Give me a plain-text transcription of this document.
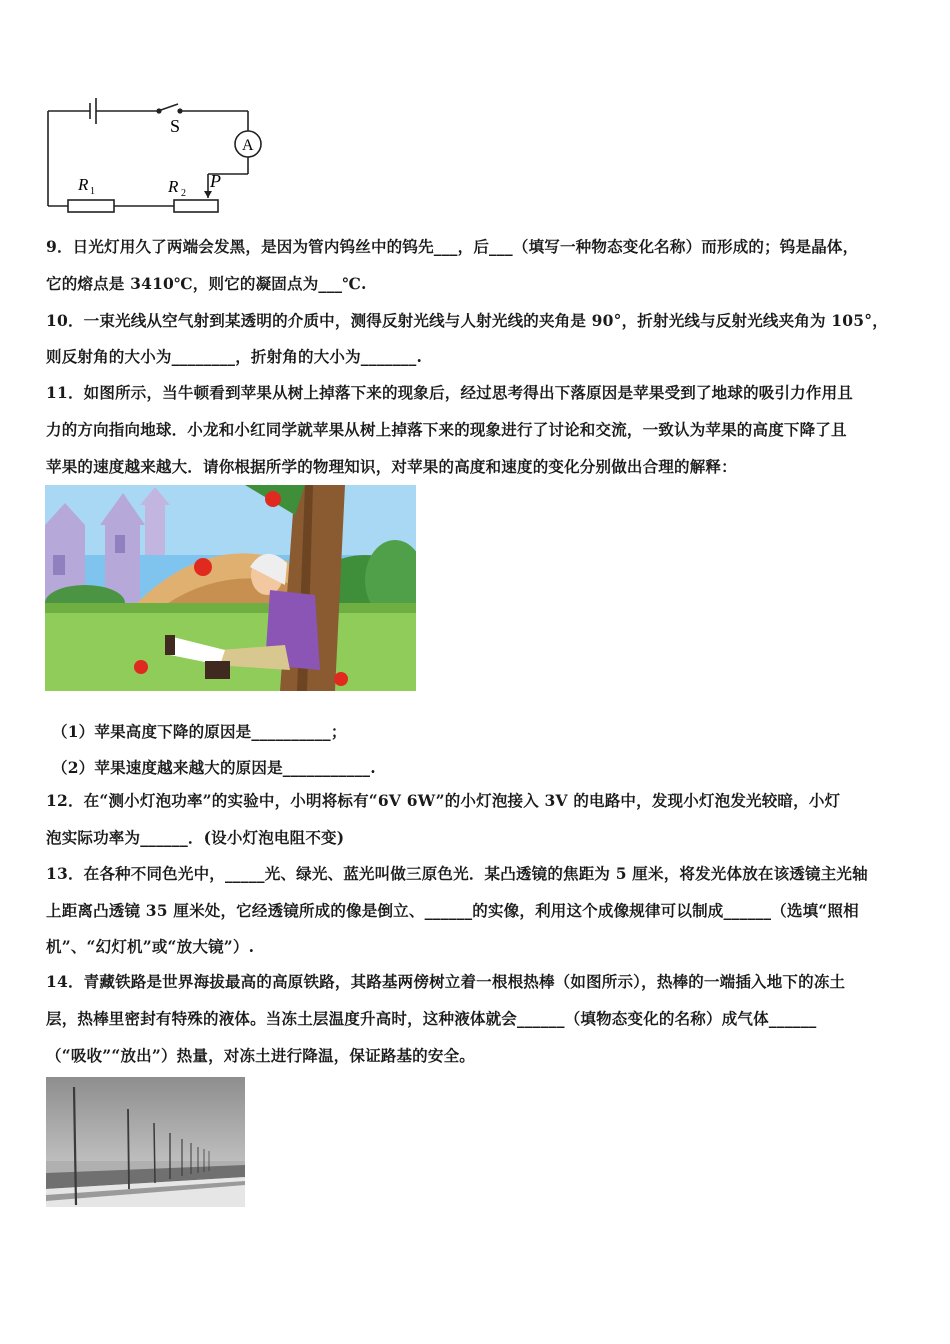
S
A
R 1	R 2
P
9．日光灯用久了两端会发黑，是因为管内钨丝中的钨先___，后___（填写一种物态变化名称）而形成的；钨是晶体，
它的熔点是 3410℃，则它的凝固点为___℃.
10．一束光线从空气射到某透明的介质中，测得反射光线与人射光线的夹角是 90°，折射光线与反射光线夹角为 105°，
则反射角的大小为________，折射角的大小为_______.
11．如图所示，当牛顿看到苹果从树上掉落下来的现象后，经过思考得出下落原因是苹果受到了地球的吸引力作用且
力的方向指向地球．小龙和小红同学就苹果从树上掉落下来的现象进行了讨论和交流，一致认为苹果的高度下降了且
苹果的速度越来越大．请你根据所学的物理知识，对苹果的高度和速度的变化分别做出合理的解释：
（1）苹果高度下降的原因是__________；
（2）苹果速度越来越大的原因是___________.
12．在“测小灯泡功率”的实验中，小明将标有“6V 6W”的小灯泡接入 3V 的电路中，发现小灯泡发光较暗，小灯
泡实际功率为______．(设小灯泡电阻不变)
13．在各种不同色光中，_____光、绿光、蓝光叫做三原色光．某凸透镜的焦距为 5 厘米，将发光体放在该透镜主光轴
上距离凸透镜 35 厘米处，它经透镜所成的像是倒立、______的实像，利用这个成像规律可以制成______（选填“照相
机”、“幻灯机”或“放大镜”）.
14．青藏铁路是世界海拔最高的高原铁路，其路基两傍树立着一根根热棒（如图所示），热棒的一端插入地下的冻土
层，热棒里密封有特殊的液体。当冻土层温度升高时，这种液体就会______（填物态变化的名称）成气体______
（“吸收”“放出”）热量，对冻土进行降温，保证路基的安全。
